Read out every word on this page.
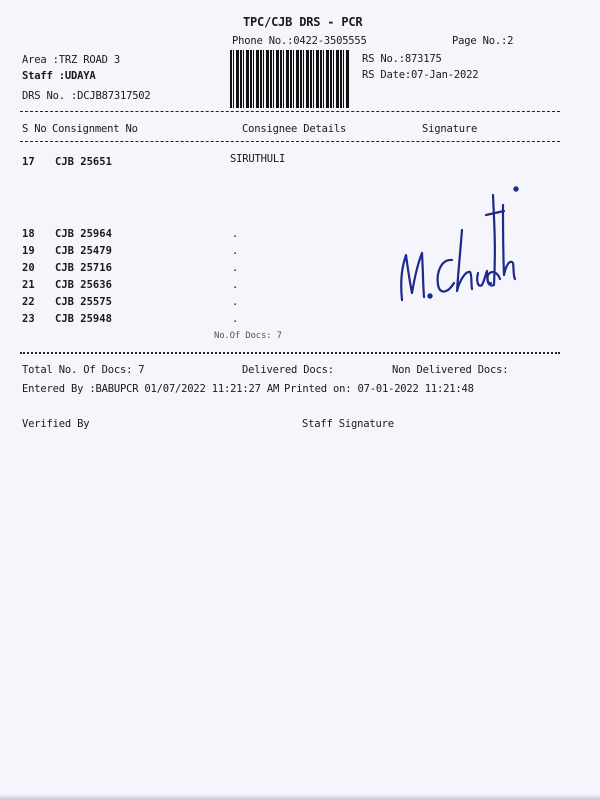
TPC/CJB DRS - PCR
Phone No.:0422-3505555	Page No.:2
Area :TRZ ROAD 3
Staff :UDAYA
DRS No. :DCJB87317502
RS No.:873175
RS Date:07-Jan-2022
S No Consignment No	Consignee Details	Signature
17 CJB 25651	SIRUTHULI
18 CJB 25964	.
19 CJB 25479	.
20 CJB 25716	.
21 CJB 25636	.
22 CJB 25575	.
23 CJB 25948	.
No.Of Docs: 7
Total No. Of Docs: 7	Delivered Docs:	Non Delivered Docs:
Entered By :BABUPCR 01/07/2022 11:21:27 AM Printed on: 07-01-2022 11:21:48
Verified By	Staff Signature
